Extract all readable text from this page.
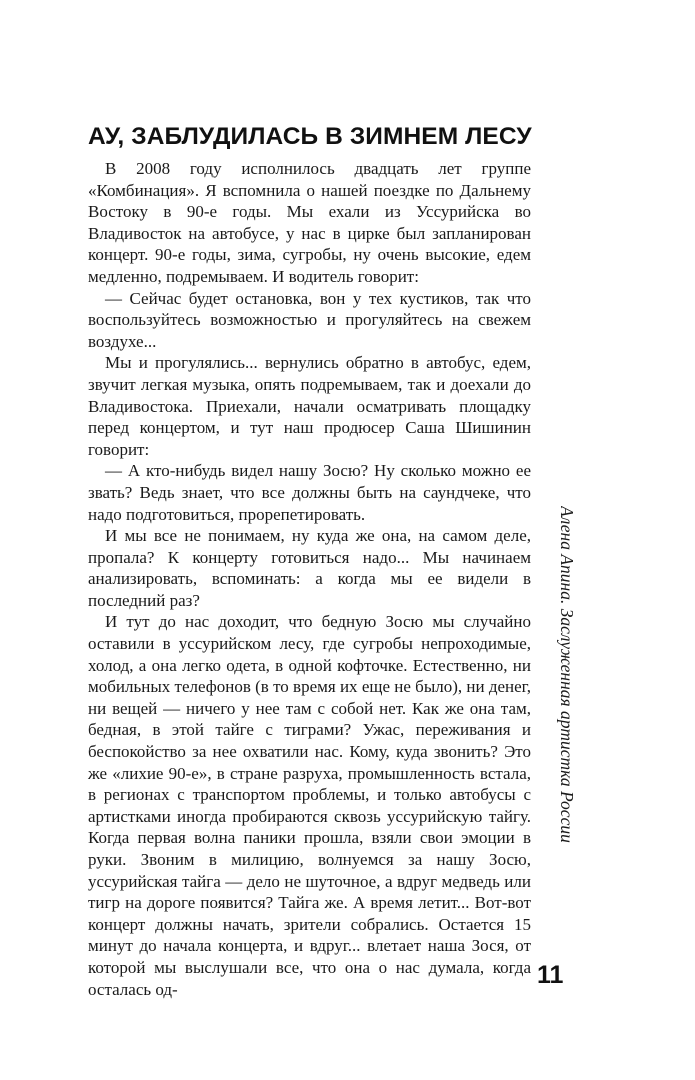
АУ, ЗАБЛУДИЛАСЬ В ЗИМНЕМ ЛЕСУ

В 2008 году исполнилось двадцать лет группе «Комбинация». Я вспомнила о нашей поездке по Дальнему Востоку в 90-е годы. Мы ехали из Уссурийска во Владивосток на автобусе, у нас в цирке был запланирован концерт. 90-е годы, зима, сугробы, ну очень высокие, едем медленно, подремываем. И водитель говорит:

— Сейчас будет остановка, вон у тех кустиков, так что воспользуйтесь возможностью и прогуляйтесь на свежем воздухе...

Мы и прогулялись... вернулись обратно в автобус, едем, звучит легкая музыка, опять подремываем, так и доехали до Владивостока. Приехали, начали осматривать площадку перед концертом, и тут наш продюсер Саша Шишинин говорит:

— А кто-нибудь видел нашу Зосю? Ну сколько можно ее звать? Ведь знает, что все должны быть на саундчеке, что надо подготовиться, прорепетировать.

И мы все не понимаем, ну куда же она, на самом деле, пропала? К концерту готовиться надо... Мы начинаем анализировать, вспоминать: а когда мы ее видели в последний раз?

И тут до нас доходит, что бедную Зосю мы случайно оставили в уссурийском лесу, где сугробы непроходимые, холод, а она легко одета, в одной кофточке. Естественно, ни мобильных телефонов (в то время их еще не было), ни денег, ни вещей — ничего у нее там с собой нет. Как же она там, бедная, в этой тайге с тиграми? Ужас, переживания и беспокойство за нее охватили нас. Кому, куда звонить? Это же «лихие 90-е», в стране разруха, промышленность встала, в регионах с транспортом проблемы, и только автобусы с артистками иногда пробираются сквозь уссурийскую тайгу. Когда первая волна паники прошла, взяли свои эмоции в руки. Звоним в милицию, волнуемся за нашу Зосю, уссурийская тайга — дело не шуточное, а вдруг медведь или тигр на дороге появится? Тайга же. А время летит... Вот-вот концерт должны начать, зрители собрались. Остается 15 минут до начала концерта, и вдруг... влетает наша Зося, от которой мы выслушали все, что она о нас думала, когда осталась од-

Алена Апина. Заслуженная артистка России
11
